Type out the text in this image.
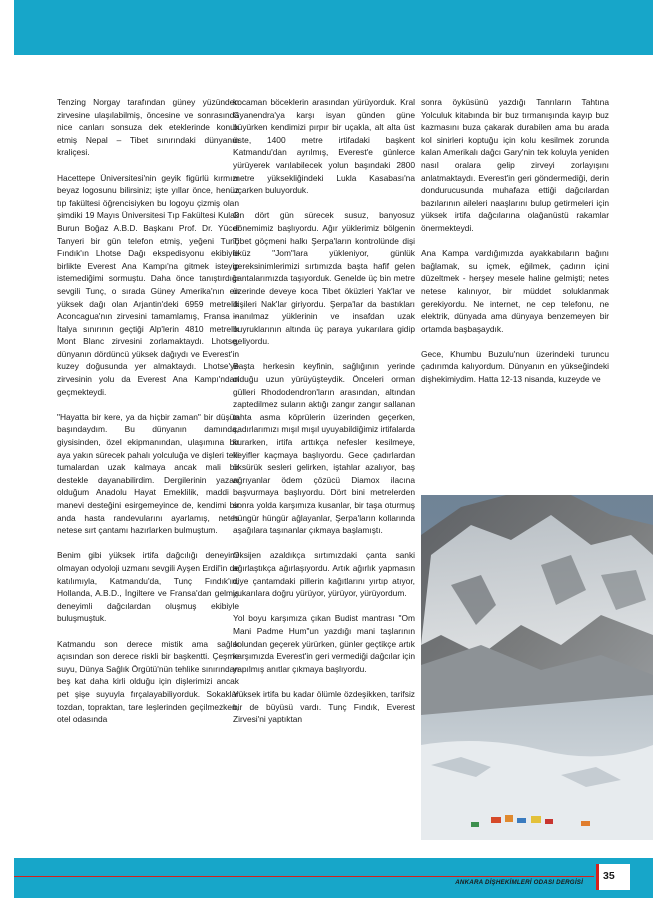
Tenzing Norgay tarafından güney yüzünden zirvesine ulaşılabilmiş, öncesine ve sonrasında nice canları sonsuza dek eteklerinde konuk etmiş Nepal – Tibet sınırındaki dünyanın kraliçesi.

Hacettepe Üniversitesi'nin geyik figürlü kırmızı beyaz logosunu bilirsiniz; işte yıllar önce, henüz tıp fakültesi öğrencisiyken bu logoyu çizmiş olan şimdiki 19 Mayıs Üniversitesi Tıp Fakültesi Kulak Burun Boğaz A.B.D. Başkanı Prof. Dr. Yücel Tanyeri bir gün telefon etmiş, yeğeni Tunç Fındık'ın Lhotse Dağı ekspedisyonu ekibiyle birlikte Everest Ana Kampı'na gitmek isteyip istemediğimi sormuştu. Daha önce tanıştırdığı sevgili Tunç, o sırada Güney Amerika'nın en yüksek dağı olan Arjantin'deki 6959 metrelik Aconcagua'nın zirvesini tamamlamış, Fransa – İtalya sınırının geçtiği Alp'lerin 4810 metrelik Mont Blanc zirvesini zorlamaktaydı. Lhotse, dünyanın dördüncü yüksek dağıydı ve Everest'in kuzey doğusunda yer almaktaydı. Lhotse'ye zirvesinin yolu da Everest Ana Kampı'ndan geçmekteydi.

"Hayatta bir kere, ya da hiçbir zaman" bir düşün başındaydım. Bu dünyanın damında, giysisinden, özel ekipmanından, ulaşımına bir aya yakın sürecek pahalı yolculuğa ve dişleri telli tumalardan uzak kalmaya ancak mali bir destekle dayanabilirdim. Dergilerinin yazarı olduğum Anadolu Hayat Emeklilik, maddi - manevi desteğini esirgemeyince de, kendimi bir anda hasta randevularını ayarlamış, netes netese sırt çantamı hazırlarken bulmuştum.

Benim gibi yüksek irtifa dağcılığı deneyimi olmayan odyoloji uzmanı sevgili Ayşen Erdil'in de katılımıyla, Katmandu'da, Tunç Fındık'ın, Hollanda, A.B.D., İngiltere ve Fransa'dan gelmiş deneyimli dağcılardan oluşmuş ekibiyle buluşmuştuk.

Katmandu son derece mistik ama sağlık açısından son derece riskli bir başkentti. Çeşme suyu, Dünya Sağlık Örgütü'nün tehlike sınırından beş kat daha kirli olduğu için dişlerimizi ancak pet şişe suyuyla fırçalayabiliyorduk. Sokaklar tozdan, topraktan, tare leşlerinden geçilmezken, otel odasında

kocaman böceklerin arasından yürüyorduk. Kral Gyanendra'ya karşı isyan günden güne büyürken kendimizi pırpır bir uçakla, alt alta üst üste, 1400 metre irtifadaki başkent Katmandu'dan ayrılmış, Everest'e günlerce yürüyerek varılabilecek yolun başındaki 2800 metre yüksekliğindeki Lukla Kasabası'na uçarken buluyorduk.

On dört gün sürecek susuz, banyosuz dönemimiz başlıyordu. Ağır yüklerimiz bölgenin Tibet göçmeni halkı Şerpa'ların kontrolünde dişi öküz "Jom"lara yükleniyor, günlük gereksinimlerimizi sırtımızda başta hafif gelen çantalarımızda taşıyorduk. Genelde üç bin metre üzerinde deveye koca Tibet öküzleri Yak'lar ve dişileri Nak'lar giriyordu. Şerpa'lar da bastıkları inanılmaz yüklerinin ve insafdan uzak buyruklarının altında üç paraya yukarılara gidip geliyordu.

Başta herkesin keyfinin, sağlığının yerinde olduğu uzun yürüyüşteydik. Önceleri orman gülleri Rhododendron'ların arasından, altından zaptedilmez suların aktığı zangır zangır sallanan tahta asma köprülerin üzerinden geçerken, çadırlarımızı mışıl mışıl uyuyabildiğimiz irtifalarda kurarken, irtifa arttıkça nefesler kesilmeye, keyifler kaçmaya başlıyordu. Gece çadırlardan öksürük sesleri gelirken, iştahlar azalıyor, baş ağrıyanlar ödem çözücü Diamox ilacına başvurmaya başlıyordu. Dört bini metrelerden sonra yolda karşımıza kusanlar, bir taşa oturmuş hüngür hüngür ağlayanlar, Şerpa'ların kollarında aşağılara taşınanlar çıkmaya başlamıştı.

Oksijen azaldıkça sırtımızdaki çanta sanki ağırlaştıkça ağırlaşıyordu. Artık ağırlık yapmasın diye çantamdaki pillerin kağıtlarını yırtıp atıyor, yukarılara doğru yürüyor, yürüyor, yürüyordum.

Yol boyu karşımıza çıkan Budist mantrası "Om Mani Padme Hum"un yazdığı mani taşlarının solundan geçerek yürürken, günler geçtikçe artık karşımızda Everest'in geri vermediği dağcılar için yapılmış anıtlar çıkmaya başlıyordu.

Yüksek irtifa bu kadar ölümle özdeşikken, tarifsiz bir de büyüsü vardı. Tunç Fındık, Everest Zirvesi'ni yaptıktan

sonra öyküsünü yazdığı Tanrıların Tahtına Yolculuk kitabında bir buz tırmanışında kayıp buz kazmasını buza çakarak durabilen ama bu arada kol sinirleri koptuğu için kolu kesilmek zorunda kalan Amerikalı dağcı Gary'nin tek koluyla yeniden nasıl oralara gelip zirveyi zorlayışını anlatmaktaydı. Everest'in geri göndermediği, derin dondurucusunda muhafaza ettiği dağcılardan bazılarının aileleri naaşlarını bulup getirmeleri için yüksek irtifa dağcılarına olağanüstü rakamlar önermekteydi.

Ana Kampa vardığımızda ayakkabıların bağını bağlamak, su içmek, eğilmek, çadırın içini düzeltmek - herşey mesele haline gelmişti; netes netese kalınıyor, bir müddet soluklanmak gerekiyordu. Ne internet, ne cep telefonu, ne elektrik, dünyada ama dünyaya benzemeyen bir ortamda başbaşaydık.

Gece, Khumbu Buzulu'nun üzerindeki turuncu çadırımda kalıyordum. Dünyanın en yükseğindeki dişhekimiydim. Hatta 12-13 nisanda, kuzeyde ve

ANKARA DİŞHEKİMLERİ ODASI DERGİSİ
35
